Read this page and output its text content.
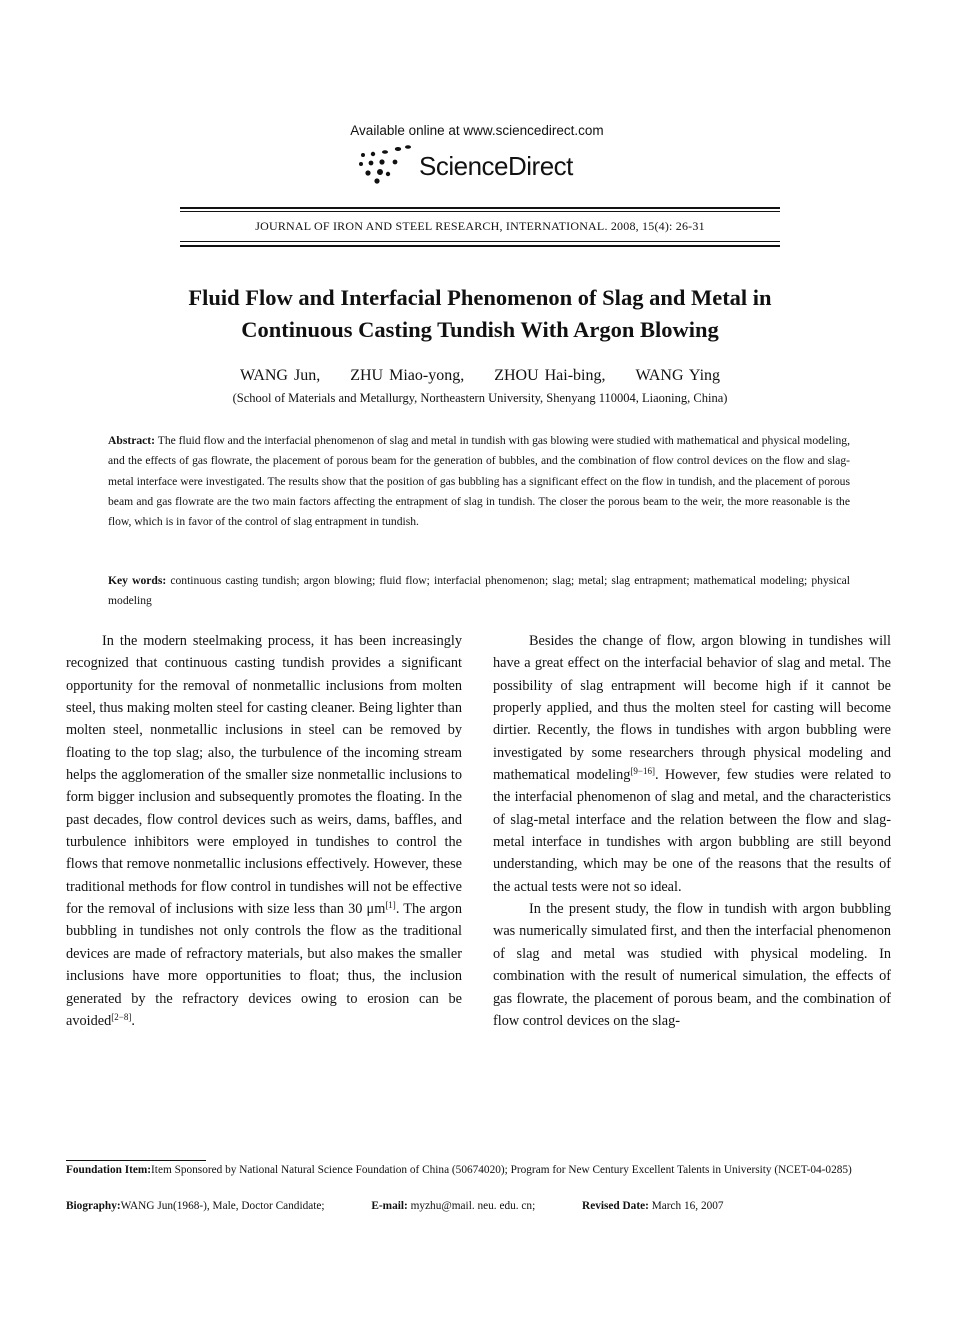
Available online at www.sciencedirect.com
ScienceDirect
JOURNAL OF IRON AND STEEL RESEARCH, INTERNATIONAL. 2008, 15(4): 26-31
Fluid Flow and Interfacial Phenomenon of Slag and Metal in
Continuous Casting Tundish With Argon Blowing
WANG Jun, ZHU Miao-yong, ZHOU Hai-bing, WANG Ying
(School of Materials and Metallurgy, Northeastern University, Shenyang 110004, Liaoning, China)
Abstract: The fluid flow and the interfacial phenomenon of slag and metal in tundish with gas blowing were studied with mathematical and physical modeling, and the effects of gas flowrate, the placement of porous beam for the generation of bubbles, and the combination of flow control devices on the flow and slag-metal interface were investigated. The results show that the position of gas bubbling has a significant effect on the flow in tundish, and the placement of porous beam and gas flowrate are the two main factors affecting the entrapment of slag in tundish. The closer the porous beam to the weir, the more reasonable is the flow, which is in favor of the control of slag entrapment in tundish.
Key words: continuous casting tundish; argon blowing; fluid flow; interfacial phenomenon; slag; metal; slag entrapment; mathematical modeling; physical modeling

In the modern steelmaking process, it has been increasingly recognized that continuous casting tundish provides a significant opportunity for the removal of nonmetallic inclusions from molten steel, thus making molten steel for casting cleaner. Being lighter than molten steel, nonmetallic inclusions in steel can be removed by floating to the top slag; also, the turbulence of the incoming stream helps the agglomeration of the smaller size nonmetallic inclusions to form bigger inclusion and subsequently promotes the floating. In the past decades, flow control devices such as weirs, dams, baffles, and turbulence inhibitors were employed in tundishes to control the flows that remove nonmetallic inclusions effectively. However, these traditional methods for flow control in tundishes will not be effective for the removal of inclusions with size less than 30 μm[1]. The argon bubbling in tundishes not only controls the flow as the traditional devices are made of refractory materials, but also makes the smaller inclusions have more opportunities to float; thus, the inclusion generated by the refractory devices owing to erosion can be avoided[2−8].

Besides the change of flow, argon blowing in tundishes will have a great effect on the interfacial behavior of slag and metal. The possibility of slag entrapment will become high if it cannot be properly applied, and thus the molten steel for casting will become dirtier. Recently, the flows in tundishes with argon bubbling were investigated by some researchers through physical modeling and mathematical modeling[9−16]. However, few studies were related to the interfacial phenomenon of slag and metal, and the characteristics of slag-metal interface and the relation between the flow and slag-metal interface in tundishes with argon bubbling are still beyond understanding, which may be one of the reasons that the results of the actual tests were not so ideal.

In the present study, the flow in tundish with argon bubbling was numerically simulated first, and then the interfacial phenomenon of slag and metal was studied with physical modeling. In combination with the result of numerical simulation, the effects of gas flowrate, the placement of porous beam, and the combination of flow control devices on the slag-

Foundation Item:Item Sponsored by National Natural Science Foundation of China (50674020); Program for New Century Excellent Talents in University (NCET-04-0285)
Biography:WANG Jun(1968-), Male, Doctor Candidate;	E-mail: myzhu@mail. neu. edu. cn;	Revised Date: March 16, 2007
